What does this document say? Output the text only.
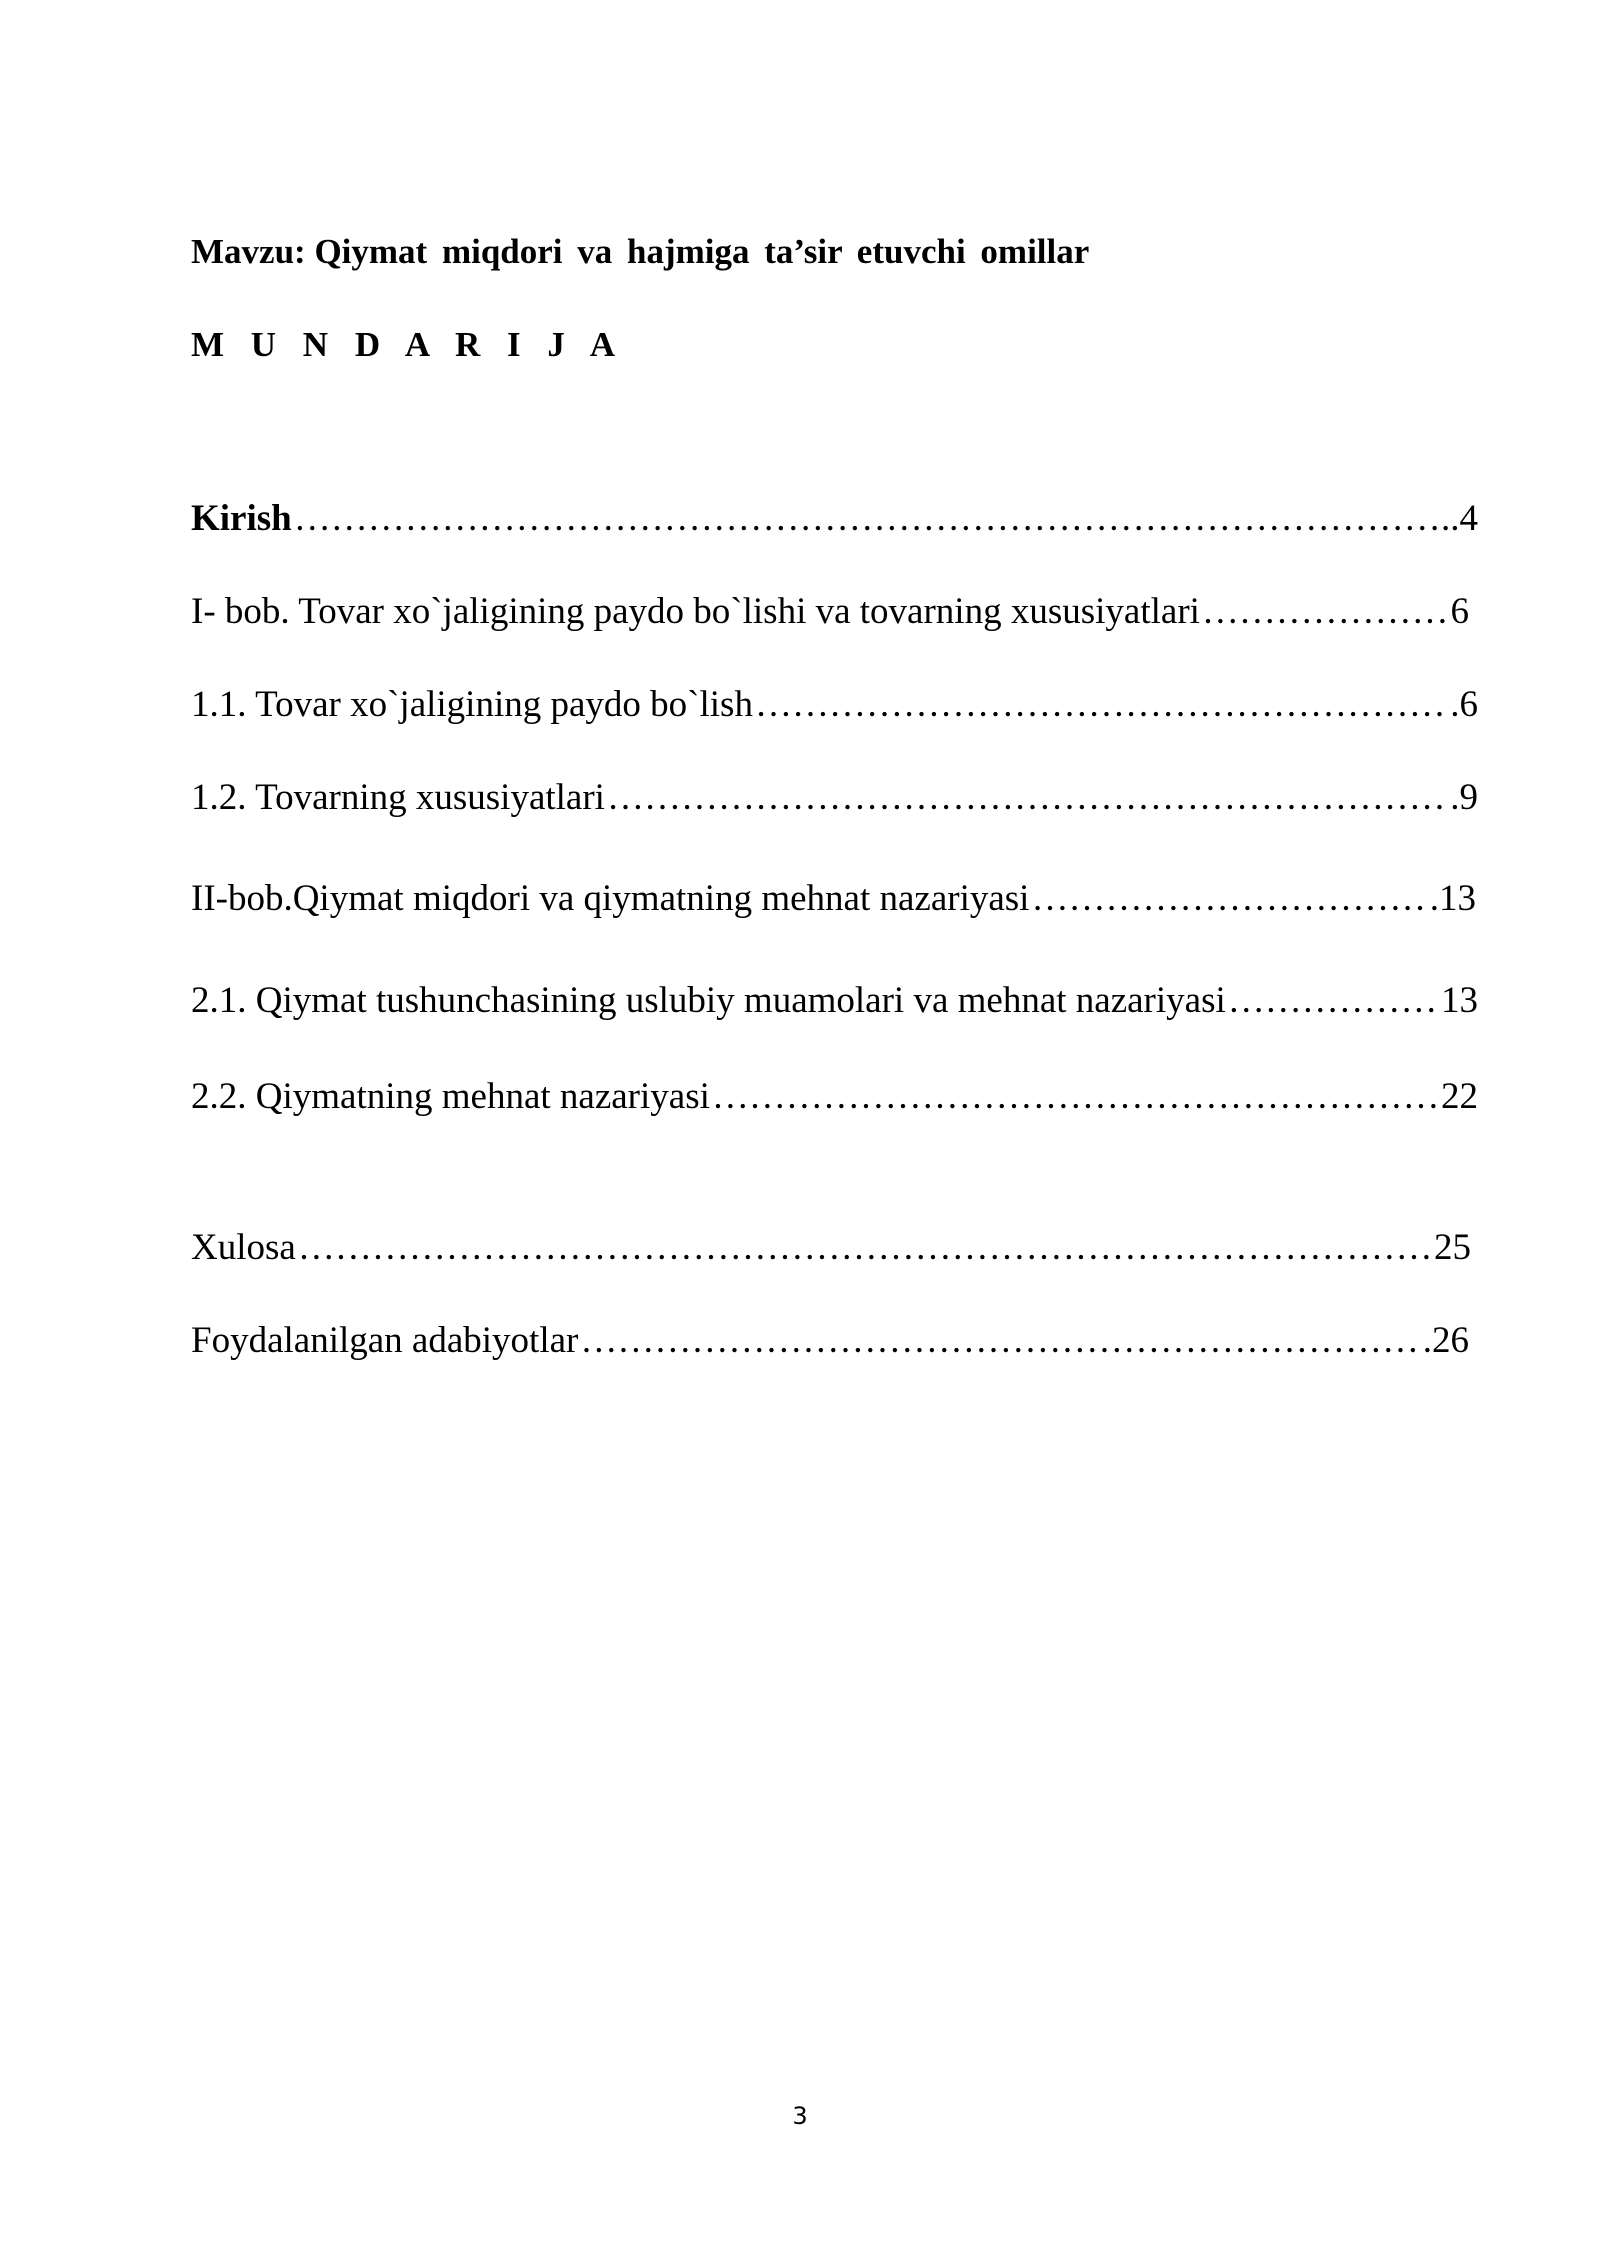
Mavzu: Qiymat miqdori va hajmiga ta’sir etuvchi omillar
M U N D A R I J A
Kirish ………………………………………………………………………………………………………………………………………………………………	..4
I- bob. Tovar xo`jaligining paydo bo`lishi va tovarning xususiyatlari ………………………………………………………………………………………………………………………………………………………………	6
1.1. Tovar xo`jaligining paydo bo`lish ………………………………………………………………………………………………………………………………………………………………	.6
1.2. Tovarning xususiyatlari ………………………………………………………………………………………………………………………………………………………………	.9
II-bob.Qiymat miqdori va qiymatning mehnat nazariyasi ………………………………………………………………………………………………………………………………………………………………	.13
2.1. Qiymat tushunchasining uslubiy muamolari va mehnat nazariyasi ………………………………………………………………………………………………………………………………………………………………	13
2.2. Qiymatning mehnat nazariyasi ………………………………………………………………………………………………………………………………………………………………	22
Xulosa ………………………………………………………………………………………………………………………………………………………………	25
Foydalanilgan adabiyotlar ………………………………………………………………………………………………………………………………………………………………	.26
3
